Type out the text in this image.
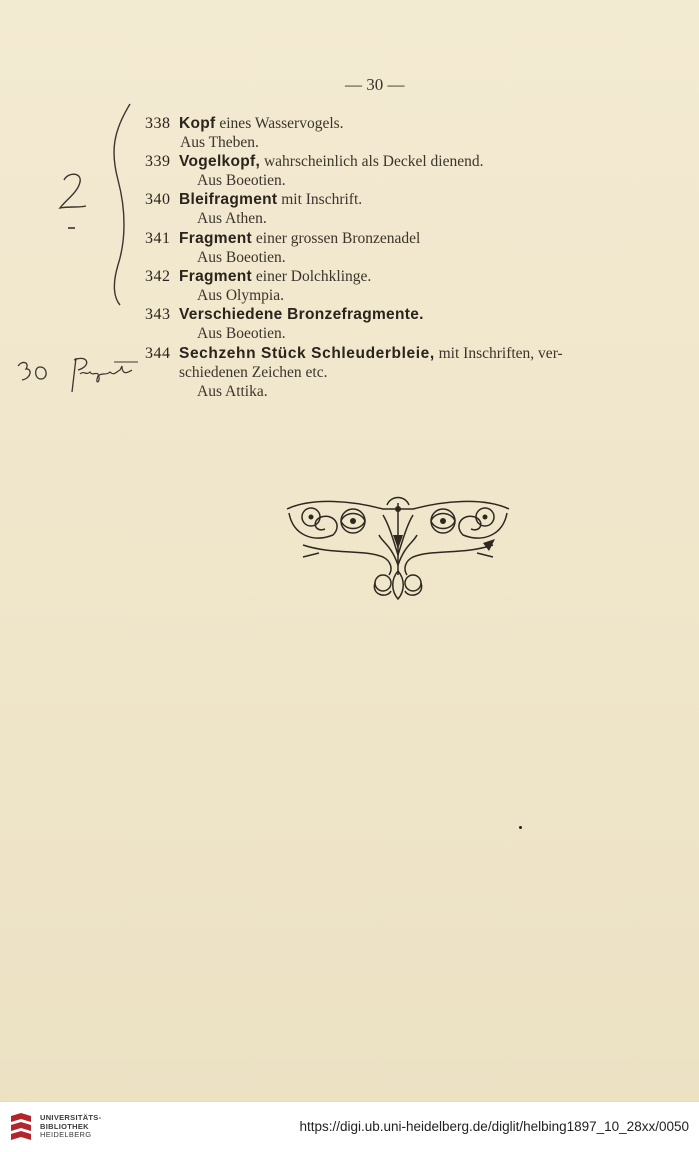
— 30 —
338 Kopf eines Wasservogels.
Aus Theben.
339 Vogelkopf, wahrscheinlich als Deckel dienend.
Aus Boeotien.
340 Bleifragment mit Inschrift.
Aus Athen.
341 Fragment einer grossen Bronzenadel
Aus Boeotien.
342 Fragment einer Dolchklinge.
Aus Olympia.
343 Verschiedene Bronzefragmente.
Aus Boeotien.
344 Sechzehn Stück Schleuderbleie, mit Inschriften, ver-
schiedenen Zeichen etc.
Aus Attika.
UNIVERSITÄTS-
BIBLIOTHEK
HEIDELBERG
https://digi.ub.uni-heidelberg.de/diglit/helbing1897_10_28xx/0050
